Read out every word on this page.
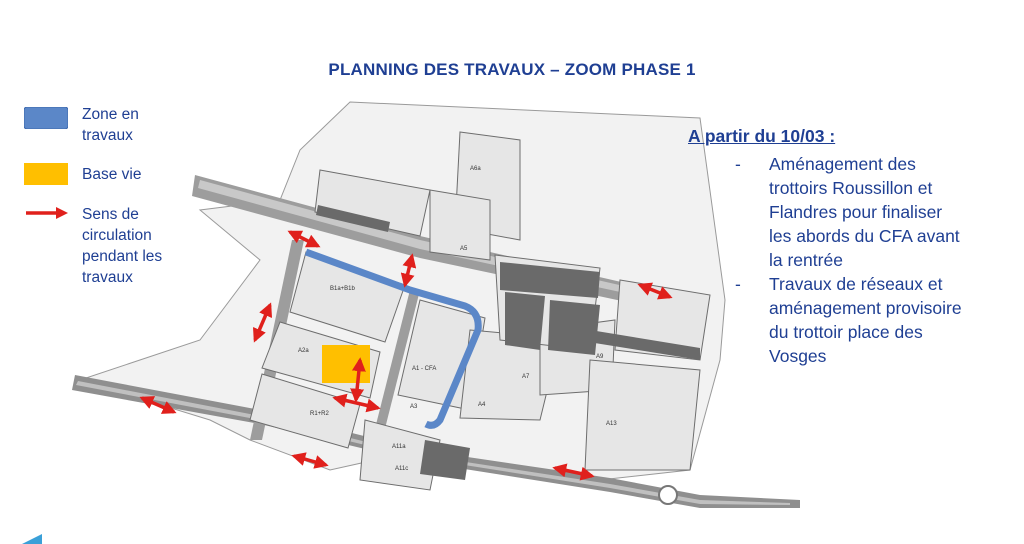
PLANNING DES TRAVAUX – ZOOM PHASE 1
Zone en travaux
Base vie
Sens de circulation pendant les travaux
B1a+B1b
A1 - CFA
A2a
A3	A4
A5
A6a
A7
A9
A11a
A11c
A13
R1+R2
A partir du 10/03 :
- Aménagement des trottoirs Roussillon et Flandres pour finaliser les abords du CFA avant la rentrée
- Travaux de réseaux et aménagement provisoire du trottoir place des Vosges
